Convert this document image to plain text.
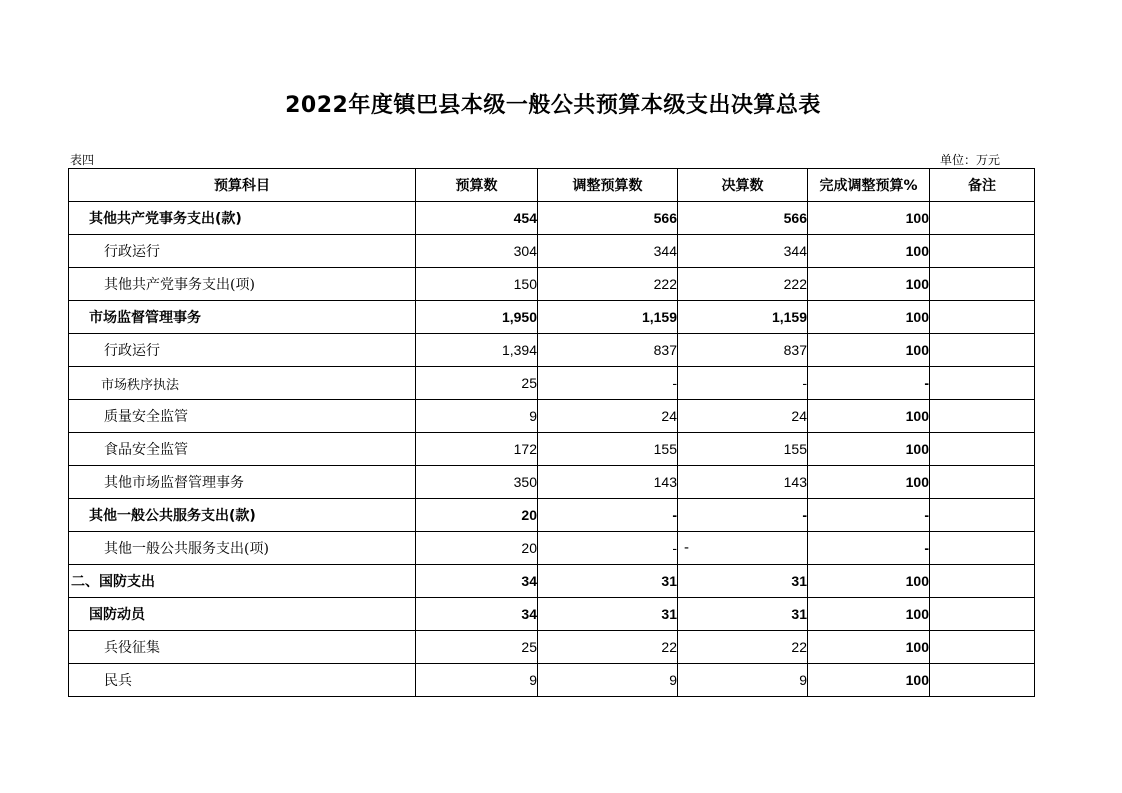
2022年度镇巴县本级一般公共预算本级支出决算总表
表四	单位：万元
预算科目	预算数	调整预算数	决算数	完成调整预算%	备注
其他共产党事务支出(款)	454	566	566	100	
行政运行	304	344	344	100	
其他共产党事务支出(项)	150	222	222	100	
市场监督管理事务	1,950	1,159	1,159	100	
行政运行	1,394	837	837	100	
市场秩序执法	25	-	-	-	
质量安全监管	9	24	24	100	
食品安全监管	172	155	155	100	
其他市场监督管理事务	350	143	143	100	
其他一般公共服务支出(款)	20	-	-	-	
其他一般公共服务支出(项)	20	-	-	-	
二、国防支出	34	31	31	100	
国防动员	34	31	31	100	
兵役征集	25	22	22	100	
民兵	9	9	9	100	
